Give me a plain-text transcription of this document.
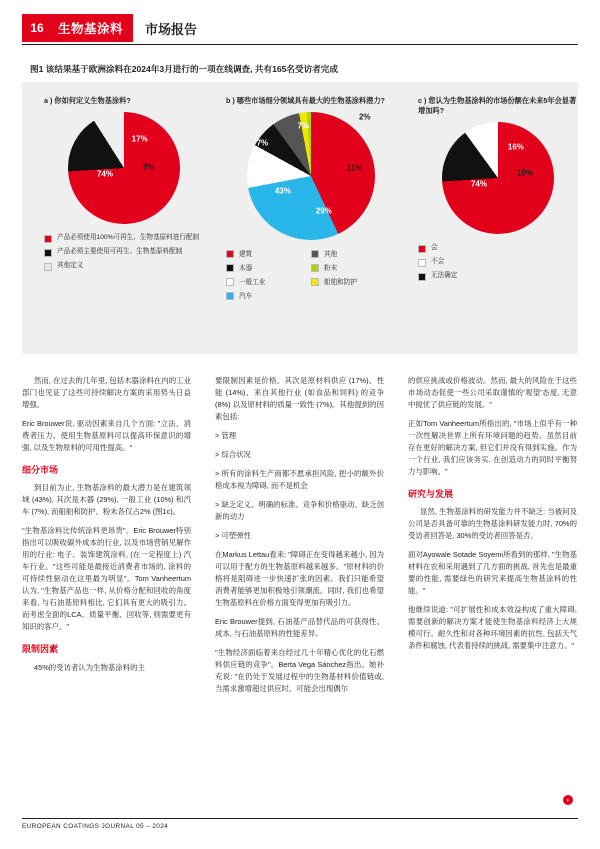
16	生物基涂料	市场报告
图1 该结果基于欧洲涂料在2024年3月进行的一项在线调查, 共有165名受访者完成
a ) 你如何定义生物基涂料?
74%
17%
9%
产品必须使用100%可再生、生物基原料进行配制
产品必须主要使用可再生、生物基原料配制
其他定义
b ) 哪些市场细分领域具有最大的生物基涂料潜力?
43%
29%
11%
7%
7%
2%
建筑
木器
一般工业
汽车
其他
粉末
船舶和防护
c ) 您认为生物基涂料的市场份额在未来5年会显著增加吗?
74%
16%
10%
会
不会
无法确定

然而, 在过去的几年里, 包括木器涂料在内的工业部门也见证了这些可持续解决方案的采用势头日益增强。

Eric Brouwer说, 驱动因素来自几个方面: "立法、消费者压力、使用生物基原料可以提高环保意识的增强, 以及生物原料的可用性提高。"

细分市场

到目前为止, 生物基涂料的最大潜力是在建筑领域 (43%), 其次是木器 (29%), 一般工业 (10%) 和汽车 (7%), 而船舶和防护、粉末各仅占2% (图1c)。

"生物基涂料比传统涂料更昂贵"。Eric Brouwer特别指出可以吸收碳外成本的行业, 以及市场营销见解作用的行业: 电子、装饰建筑涂料, (在一定程度上) 汽车行业。"这些可能是最接近消费者市场的, 涂料的可持续性驱动在这里最为明显"。Tom Vanheertum认为, "生物基产品也一样, 从价格分配和回收的角度来看, 与石油基原料相比, 它们具有更大的吸引力。而考虑全面的LCA、质量平衡、回收等, 则需要更有知识的客户。"

限制因素

45%的受访者认为生物基涂料的主

要限制因素是价格。其次是原材料供应 (17%)、性能 (14%)、来自其他行业 (如食品和饲料) 的竞争 (8%) 以及原材料的质量一致性 (7%)。其他提到的因素包括:

> 管理

> 综合状况

> 所有的涂料生产商都不愿承担风险, 把小的额外价格成本视为障碍, 而不是机会

> 缺乏定义、明确的标准、竞争和价格驱动、缺乏创新的动力

> 可塑弹性

在Markus Lettau看来: "障碍正在变得越来越小, 因为可以用于配方的生物基原料越来越多。"原材料的价格将是阻碍进一步快速扩张的因素。我们只能希望消费者能够更加积极地引领潮流。同时, 我们也希望生物基原料在价格方面变得更加有吸引力。

Eric Brouwer提到, 石油基产品替代品的可获得性、成本, 与石油基原料的性能差异。

"生物经济面临着来自经过几十年精心优化的化石燃料供应链的竞争"。Berta Vega Sánchez指出。她补充说: "在仍处于发展过程中的生物基材料价值链或, 当需求激增超过供应时。可能会出现偶尔

的供应挑战或价格波动。然而, 最大的风险在于这些市场动态促使一些公司采取谨慎的'观望'态度, 无意中搅忧了供应链的发展。"

正如Tom Vanheertum所指出的, "市场上似乎有一种一次性解决世界上所有环境问题的趋势。虽然目前存在更好的解决方案, 但它们并没有得到实施。作为一个行业, 我们应该务实, 在创造动力的同时平衡努力与影响。"

研究与发展

显然, 生物基涂料的研发能力并不缺乏: 当被问及公司是否具备可靠的生物基涂料研发能力时, 70%的受访者回答是, 30%的受访者回答是否。

面对Ayowale Sotade Soyemi所看到的那样, "生物基材料在农和采用遇到了几方面的挑战, 首先也是最重要的性能, 需要绿色的研究来提高生物基涂料的性能。"

他继续说道: "可扩展性和成本效益构成了重大障碍, 需要创新的解决方案才能使生物基涂料经济上大规模可行。耐久性和对各种环境因素的抗性, 包括天气条件和腐蚀, 代表着持续的挑战, 需要集中注意力。"

◗
EUROPEAN COATINGS JOURNAL 05 – 2024
